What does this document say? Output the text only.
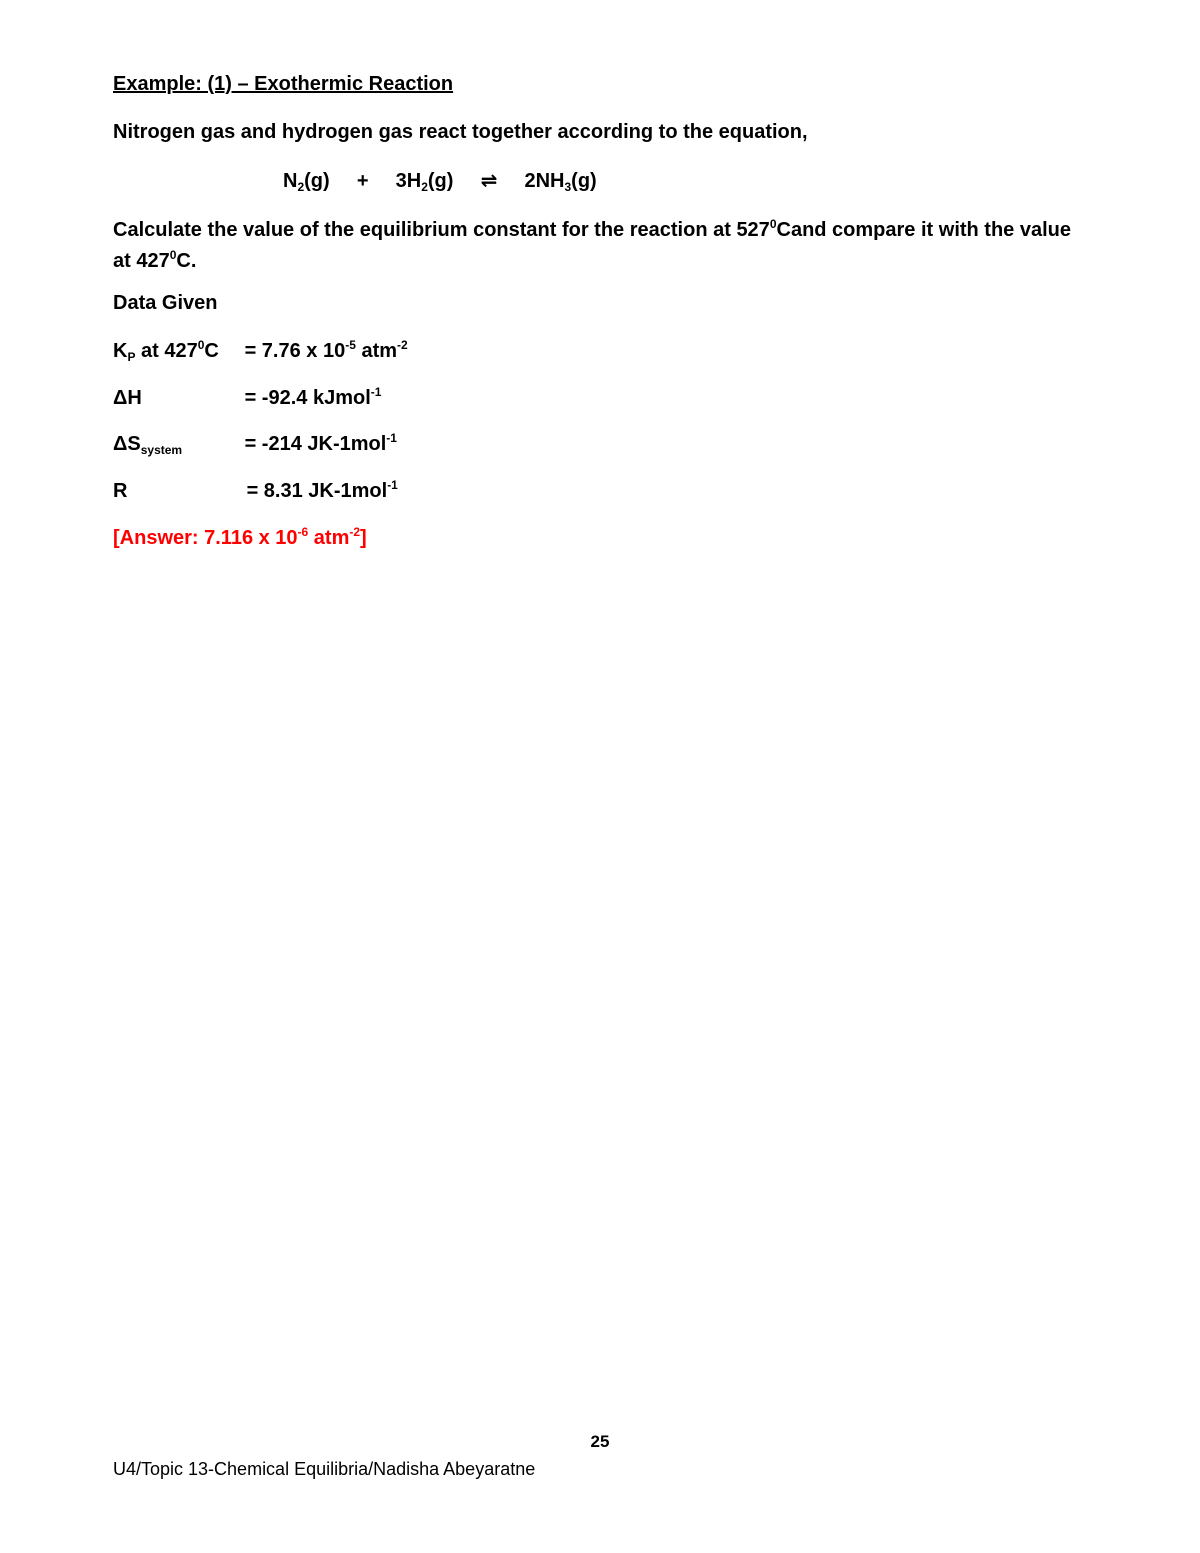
Example: (1) – Exothermic Reaction
Nitrogen gas and hydrogen gas react together according to the equation,
$N_2(g) + 3H_2(g)$ ⇌ $2NH_3(g)$
Calculate the value of the equilibrium constant for the reaction at $527^0Cand$ compare it with the value at $427^0C$.
Data Given
$K_P$ at $427^0C = 7.76$ x $10^{-5}$ atm$^{-2}$
ΔH	= -92.4 kJmol$^{-1}$
$\Delta S_{system}$	= -214 JK-1mol$^{-1}$
R	= 8.31 JK-1mol$^{-1}$
[Answer: 7.116 x $10^{-6}$ atm$^{-2}$]
25
U4/Topic 13-Chemical Equilibria/Nadisha Abeyaratne
